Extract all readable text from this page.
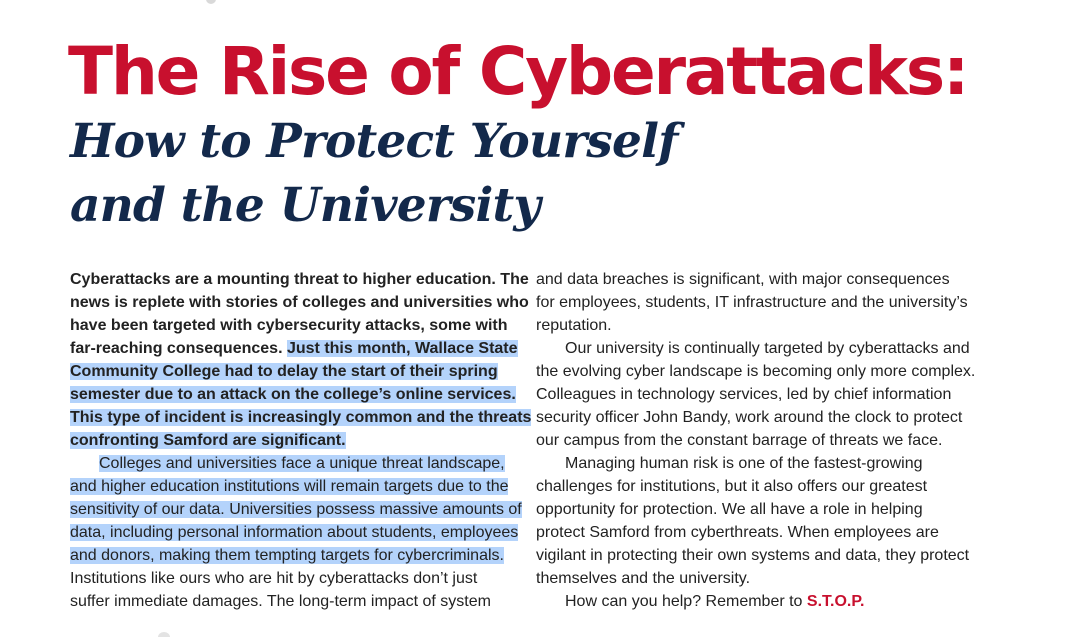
The Rise of Cyberattacks:
How to Protect Yourself
and the University
Cyberattacks are a mounting threat to higher education. The
news is replete with stories of colleges and universities who
have been targeted with cybersecurity attacks, some with
far-reaching consequences. Just this month, Wallace State
Community College had to delay the start of their spring
semester due to an attack on the college’s online services.
This type of incident is increasingly common and the threats
confronting Samford are significant.
Colleges and universities face a unique threat landscape,
and higher education institutions will remain targets due to the
sensitivity of our data. Universities possess massive amounts of
data, including personal information about students, employees
and donors, making them tempting targets for cybercriminals.
Institutions like ours who are hit by cyberattacks don’t just
suffer immediate damages. The long-term impact of system
and data breaches is significant, with major consequences
for employees, students, IT infrastructure and the university’s
reputation.
Our university is continually targeted by cyberattacks and
the evolving cyber landscape is becoming only more complex.
Colleagues in technology services, led by chief information
security officer John Bandy, work around the clock to protect
our campus from the constant barrage of threats we face.
Managing human risk is one of the fastest-growing
challenges for institutions, but it also offers our greatest
opportunity for protection. We all have a role in helping
protect Samford from cyberthreats. When employees are
vigilant in protecting their own systems and data, they protect
themselves and the university.
How can you help? Remember to S.T.O.P.
